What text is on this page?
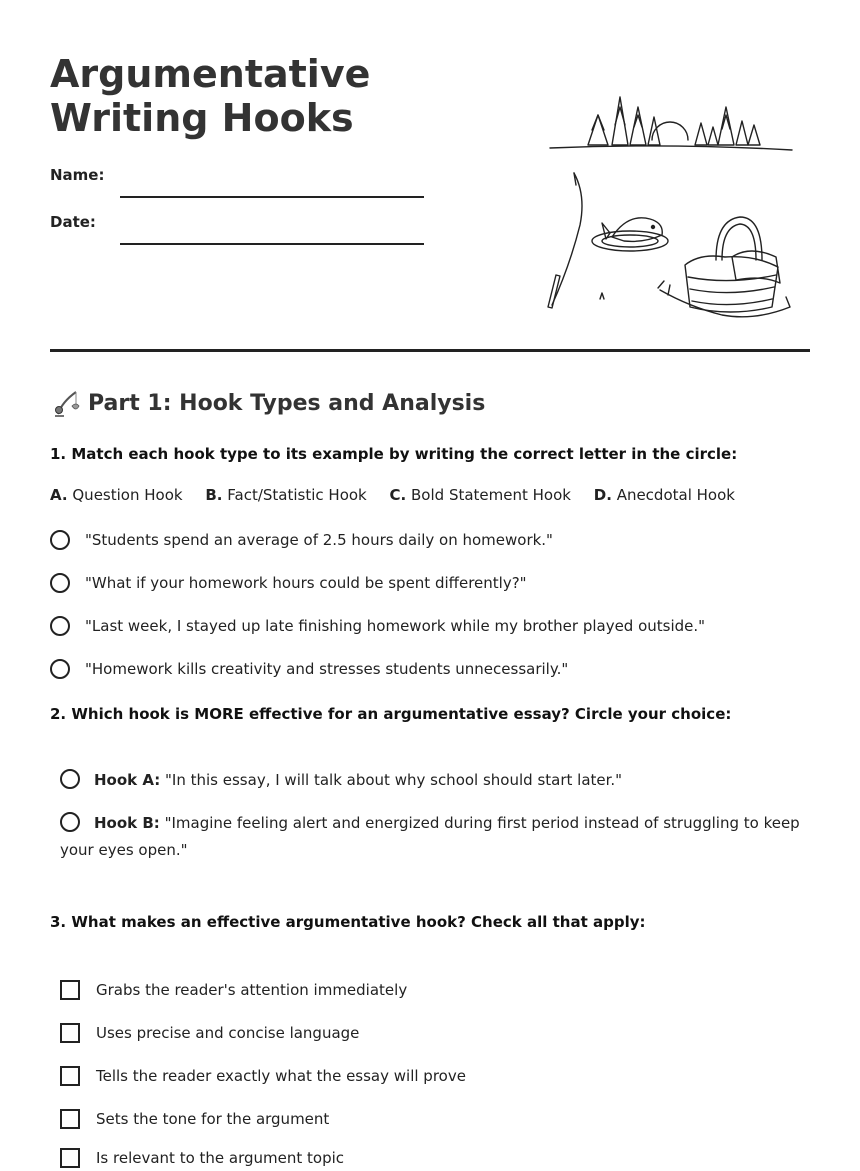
Argumentative Writing Hooks
Name:
Date:
Part 1: Hook Types and Analysis
1. Match each hook type to its example by writing the correct letter in the circle:
A. Question Hook B. Fact/Statistic Hook C. Bold Statement Hook D. Anecdotal Hook
"Students spend an average of 2.5 hours daily on homework."
"What if your homework hours could be spent differently?"
"Last week, I stayed up late finishing homework while my brother played outside."
"Homework kills creativity and stresses students unnecessarily."
2. Which hook is MORE effective for an argumentative essay? Circle your choice:
Hook A: "In this essay, I will talk about why school should start later."
Hook B: "Imagine feeling alert and energized during first period instead of struggling to keep your eyes open."
3. What makes an effective argumentative hook? Check all that apply:
Grabs the reader's attention immediately
Uses precise and concise language
Tells the reader exactly what the essay will prove
Sets the tone for the argument
Is relevant to the argument topic
